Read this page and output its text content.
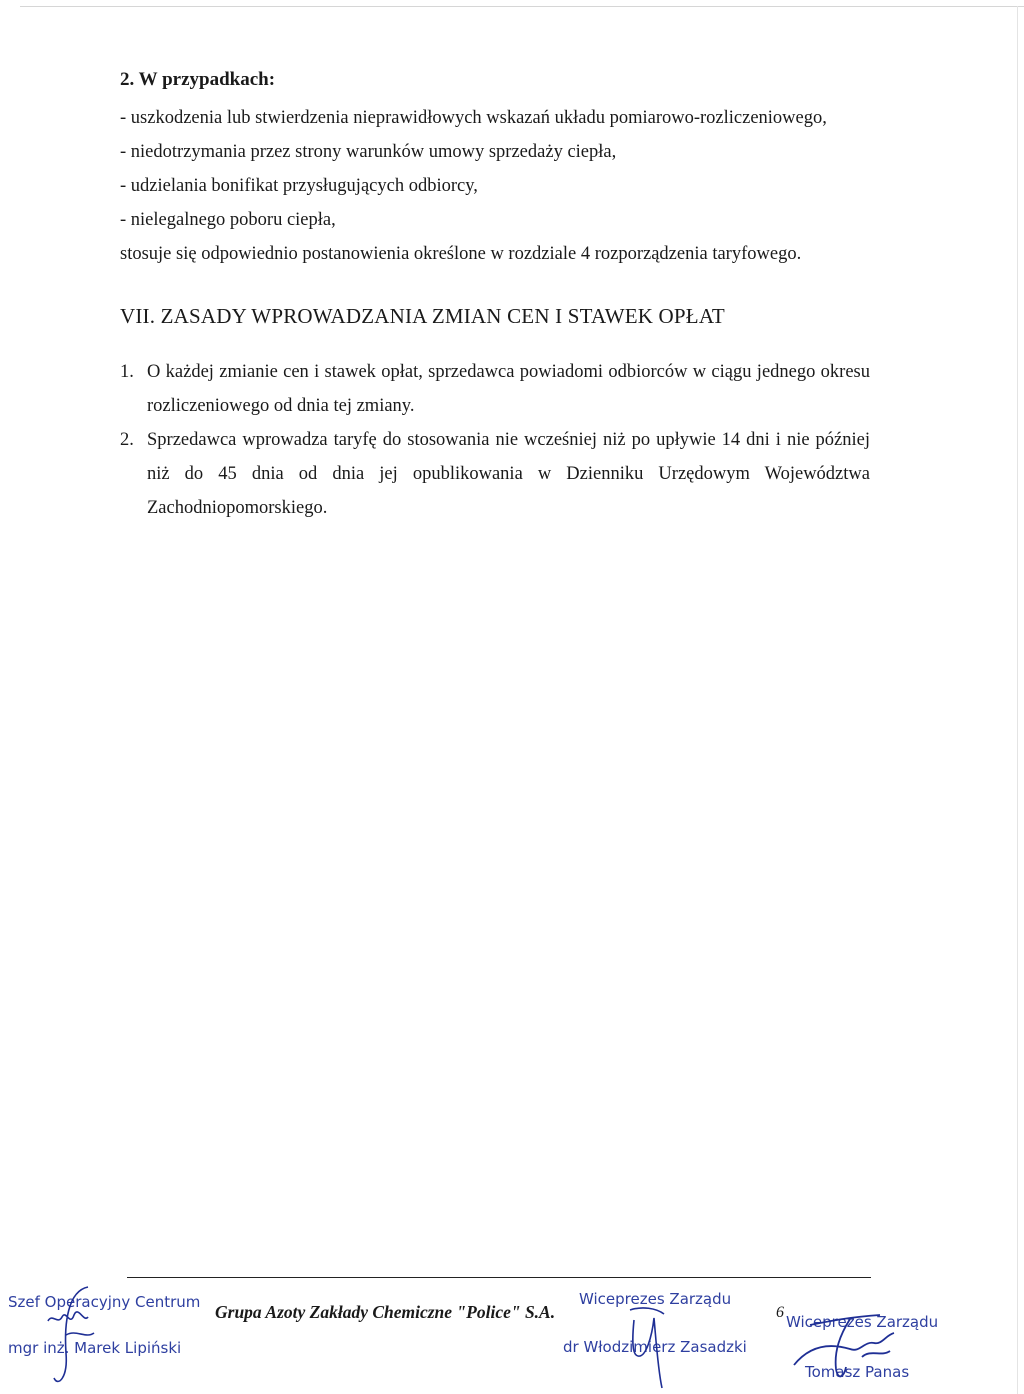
2. W przypadkach:

- uszkodzenia lub stwierdzenia nieprawidłowych wskazań układu pomiarowo-rozliczeniowego,

- niedotrzymania przez strony warunków umowy sprzedaży ciepła,

- udzielania bonifikat przysługujących odbiorcy,

- nielegalnego poboru ciepła,

stosuje się odpowiednio postanowienia określone w rozdziale 4 rozporządzenia taryfowego.

VII. ZASADY WPROWADZANIA ZMIAN CEN I STAWEK OPŁAT

1. O każdej zmianie cen i stawek opłat, sprzedawca powiadomi odbiorców w ciągu jednego okresu rozliczeniowego od dnia tej zmiany.
2. Sprzedawca wprowadza taryfę do stosowania nie wcześniej niż po upływie 14 dni i nie później niż do 45 dnia od dnia jej opublikowania w Dzienniku Urzędowym Województwa Zachodniopomorskiego.
Szef Operacyjny Centrum
mgr inż. Marek Lipiński
Grupa Azoty Zakłady Chemiczne "Police" S.A.
Wiceprezes Zarządu
dr Włodzimierz Zasadzki
6
Wiceprezes Zarządu
Tomasz Panas
